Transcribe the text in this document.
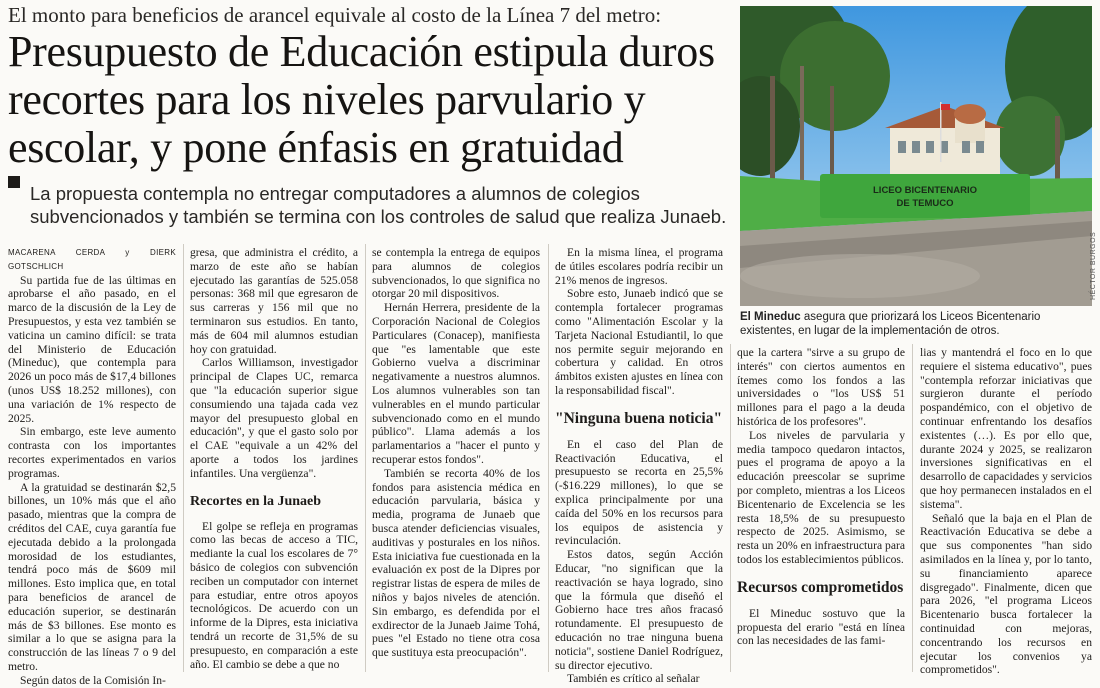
El monto para beneficios de arancel equivale al costo de la Línea 7 del metro:
Presupuesto de Educación estipula duros recortes para los niveles parvulario y escolar, y pone énfasis en gratuidad
La propuesta contempla no entregar computadores a alumnos de colegios subvencionados y también se termina con los controles de salud que realiza Junaeb.
LICEO BICENTENARIO
DE TEMUCO
HÉCTOR BURGOS
El Mineduc asegura que priorizará los Liceos Bicentenario existentes, en lugar de la implementación de otros.

MACARENA CERDA y DIERK GOTSCHLICH

Su partida fue de las últimas en aprobarse el año pasado, en el marco de la discusión de la Ley de Presupuestos, y esta vez también se vaticina un camino difícil: se trata del Ministerio de Educación (Mineduc), que contempla para 2026 un poco más de $17,4 billones (unos US$ 18.252 millones), con una variación de 1% respecto de 2025.

Sin embargo, este leve aumento contrasta con los importantes recortes experimentados en varios programas.

A la gratuidad se destinarán $2,5 billones, un 10% más que el año pasado, mientras que la compra de créditos del CAE, cuya garantía fue ejecutada debido a la prolongada morosidad de los estudiantes, tendrá poco más de $609 mil millones. Esto implica que, en total para beneficios de arancel de educación superior, se destinarán más de $3 billones. Ese monto es similar a lo que se asigna para la construcción de las líneas 7 o 9 del metro.

Según datos de la Comisión In-

gresa, que administra el crédito, a marzo de este año se habían ejecutado las garantías de 525.058 personas: 368 mil que egresaron de sus carreras y 156 mil que no terminaron sus estudios. En tanto, más de 604 mil alumnos estudian hoy con gratuidad.

Carlos Williamson, investigador principal de Clapes UC, remarca que "la educación superior sigue consumiendo una tajada cada vez mayor del presupuesto global en educación", y que el gasto solo por el CAE "equivale a un 42% del aporte a todos los jardines infantiles. Una vergüenza".

Recortes en la Junaeb

El golpe se refleja en programas como las becas de acceso a TIC, mediante la cual los escolares de 7° básico de colegios con subvención reciben un computador con internet para estudiar, entre otros apoyos tecnológicos. De acuerdo con un informe de la Dipres, esta iniciativa tendrá un recorte de 31,5% de su presupuesto, en comparación a este año. El cambio se debe a que no

se contempla la entrega de equipos para alumnos de colegios subvencionados, lo que significa no otorgar 20 mil dispositivos.

Hernán Herrera, presidente de la Corporación Nacional de Colegios Particulares (Conacep), manifiesta que "es lamentable que este Gobierno vuelva a discriminar negativamente a nuestros alumnos. Los alumnos vulnerables son tan vulnerables en el mundo particular subvencionado como en el mundo público". Llama además a los parlamentarios a "hacer el punto y recuperar estos fondos".

También se recorta 40% de los fondos para asistencia médica en educación parvularia, básica y media, programa de Junaeb que busca atender deficiencias visuales, auditivas y posturales en los niños. Esta iniciativa fue cuestionada en la evaluación ex post de la Dipres por registrar listas de espera de miles de niños y bajos niveles de atención. Sin embargo, es defendida por el exdirector de la Junaeb Jaime Tohá, pues "el Estado no tiene otra cosa que sustituya esta preocupación".

En la misma línea, el programa de útiles escolares podría recibir un 21% menos de ingresos.

Sobre esto, Junaeb indicó que se contempla fortalecer programas como "Alimentación Escolar y la Tarjeta Nacional Estudiantil, lo que nos permite seguir mejorando en cobertura y calidad. En otros ámbitos existen ajustes en línea con la responsabilidad fiscal".

"Ninguna buena noticia"

En el caso del Plan de Reactivación Educativa, el presupuesto se recorta en 25,5% (-$16.229 millones), lo que se explica principalmente por una caída del 50% en los recursos para los equipos de asistencia y revinculación.

Estos datos, según Acción Educar, "no significan que la reactivación se haya logrado, sino que la fórmula que diseñó el Gobierno hace tres años fracasó rotundamente. El presupuesto de educación no trae ninguna buena noticia", sostiene Daniel Rodríguez, su director ejecutivo.

También es crítico al señalar

que la cartera "sirve a su grupo de interés" con ciertos aumentos en ítemes como los fondos a las universidades o "los US$ 51 millones para el pago a la deuda histórica de los profesores".

Los niveles de parvularia y media tampoco quedaron intactos, pues el programa de apoyo a la educación preescolar se suprime por completo, mientras a los Liceos Bicentenario de Excelencia se les resta 18,5% de su presupuesto respecto de 2025. Asimismo, se resta un 20% en infraestructura para todos los establecimientos públicos.

Recursos comprometidos

El Mineduc sostuvo que la propuesta del erario "está en línea con las necesidades de las fami-

lias y mantendrá el foco en lo que requiere el sistema educativo", pues "contempla reforzar iniciativas que surgieron durante el período pospandémico, con el objetivo de continuar enfrentando los desafíos existentes (…). Es por ello que, durante 2024 y 2025, se realizaron inversiones significativas en el desarrollo de capacidades y servicios que hoy permanecen instalados en el sistema".

Señaló que la baja en el Plan de Reactivación Educativa se debe a que sus componentes "han sido asimilados en la línea y, por lo tanto, su financiamiento aparece disgregado". Finalmente, dicen que para 2026, "el programa Liceos Bicentenario busca fortalecer la continuidad con mejoras, concentrando los recursos en ejecutar los convenios ya comprometidos".
